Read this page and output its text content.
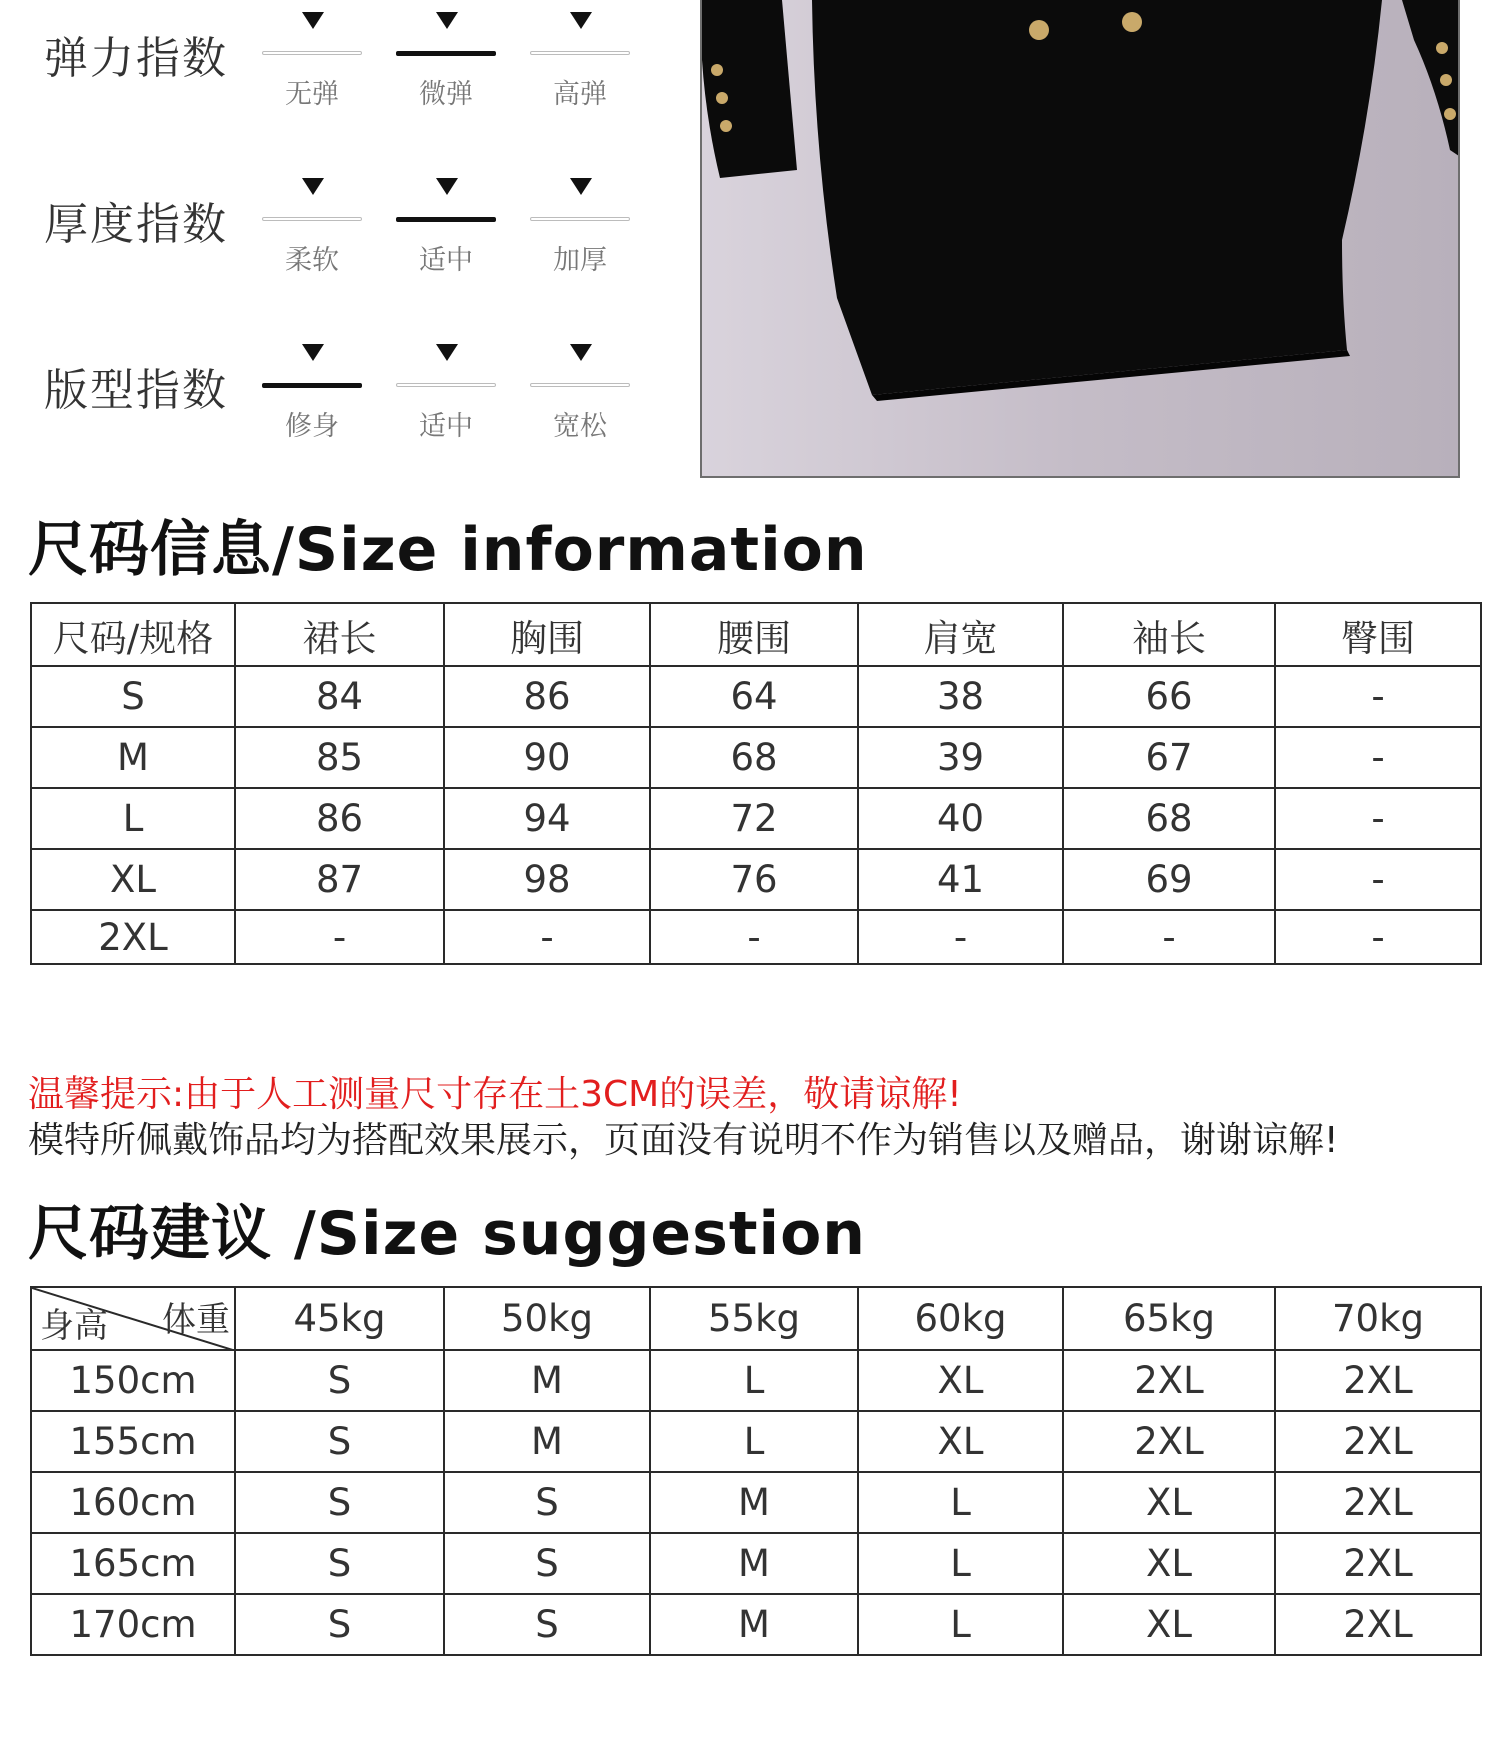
弹力指数
无弹	微弹	高弹
厚度指数
柔软	适中	加厚
版型指数
修身	适中	宽松
尺码信息/Size information
尺码/规格	裙长	胸围	腰围	肩宽	袖长	臀围
S	84	86	64	38	66	-
M	85	90	68	39	67	-
L	86	94	72	40	68	-
XL	87	98	76	41	69	-
2XL	-	-	-	-	-	-
温馨提示:由于人工测量尺寸存在土3CM的误差，敬请谅解!
模特所佩戴饰品均为搭配效果展示，页面没有说明不作为销售以及赠品，谢谢谅解!
尺码建议 /Size suggestion
体重
身高	45kg	50kg	55kg	60kg	65kg	70kg
150cm	S	M	L	XL	2XL	2XL
155cm	S	M	L	XL	2XL	2XL
160cm	S	S	M	L	XL	2XL
165cm	S	S	M	L	XL	2XL
170cm	S	S	M	L	XL	2XL
